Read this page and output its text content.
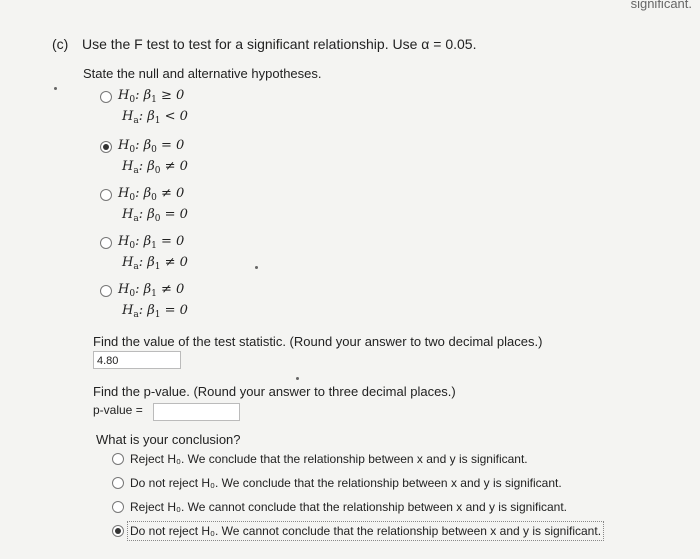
significant.
(c) Use the F test to test for a significant relationship. Use α = 0.05.
State the null and alternative hypotheses.
$H_0$: $\beta_1 \ge 0$
$H_a$: $\beta_1 < 0$
$H_0$: $\beta_0 = 0$
$H_a$: $\beta_0 \ne 0$
$H_0$: $\beta_0 \ne 0$
$H_a$: $\beta_0 = 0$
$H_0$: $\beta_1 = 0$
$H_a$: $\beta_1 \ne 0$
$H_0$: $\beta_1 \ne 0$
$H_a$: $\beta_1 = 0$
Find the value of the test statistic. (Round your answer to two decimal places.)
4.80
Find the p-value. (Round your answer to three decimal places.)
p-value =
What is your conclusion?
Reject H₀. We conclude that the relationship between x and y is significant.
Do not reject H₀. We conclude that the relationship between x and y is significant.
Reject H₀. We cannot conclude that the relationship between x and y is significant.
Do not reject H₀. We cannot conclude that the relationship between x and y is significant.
